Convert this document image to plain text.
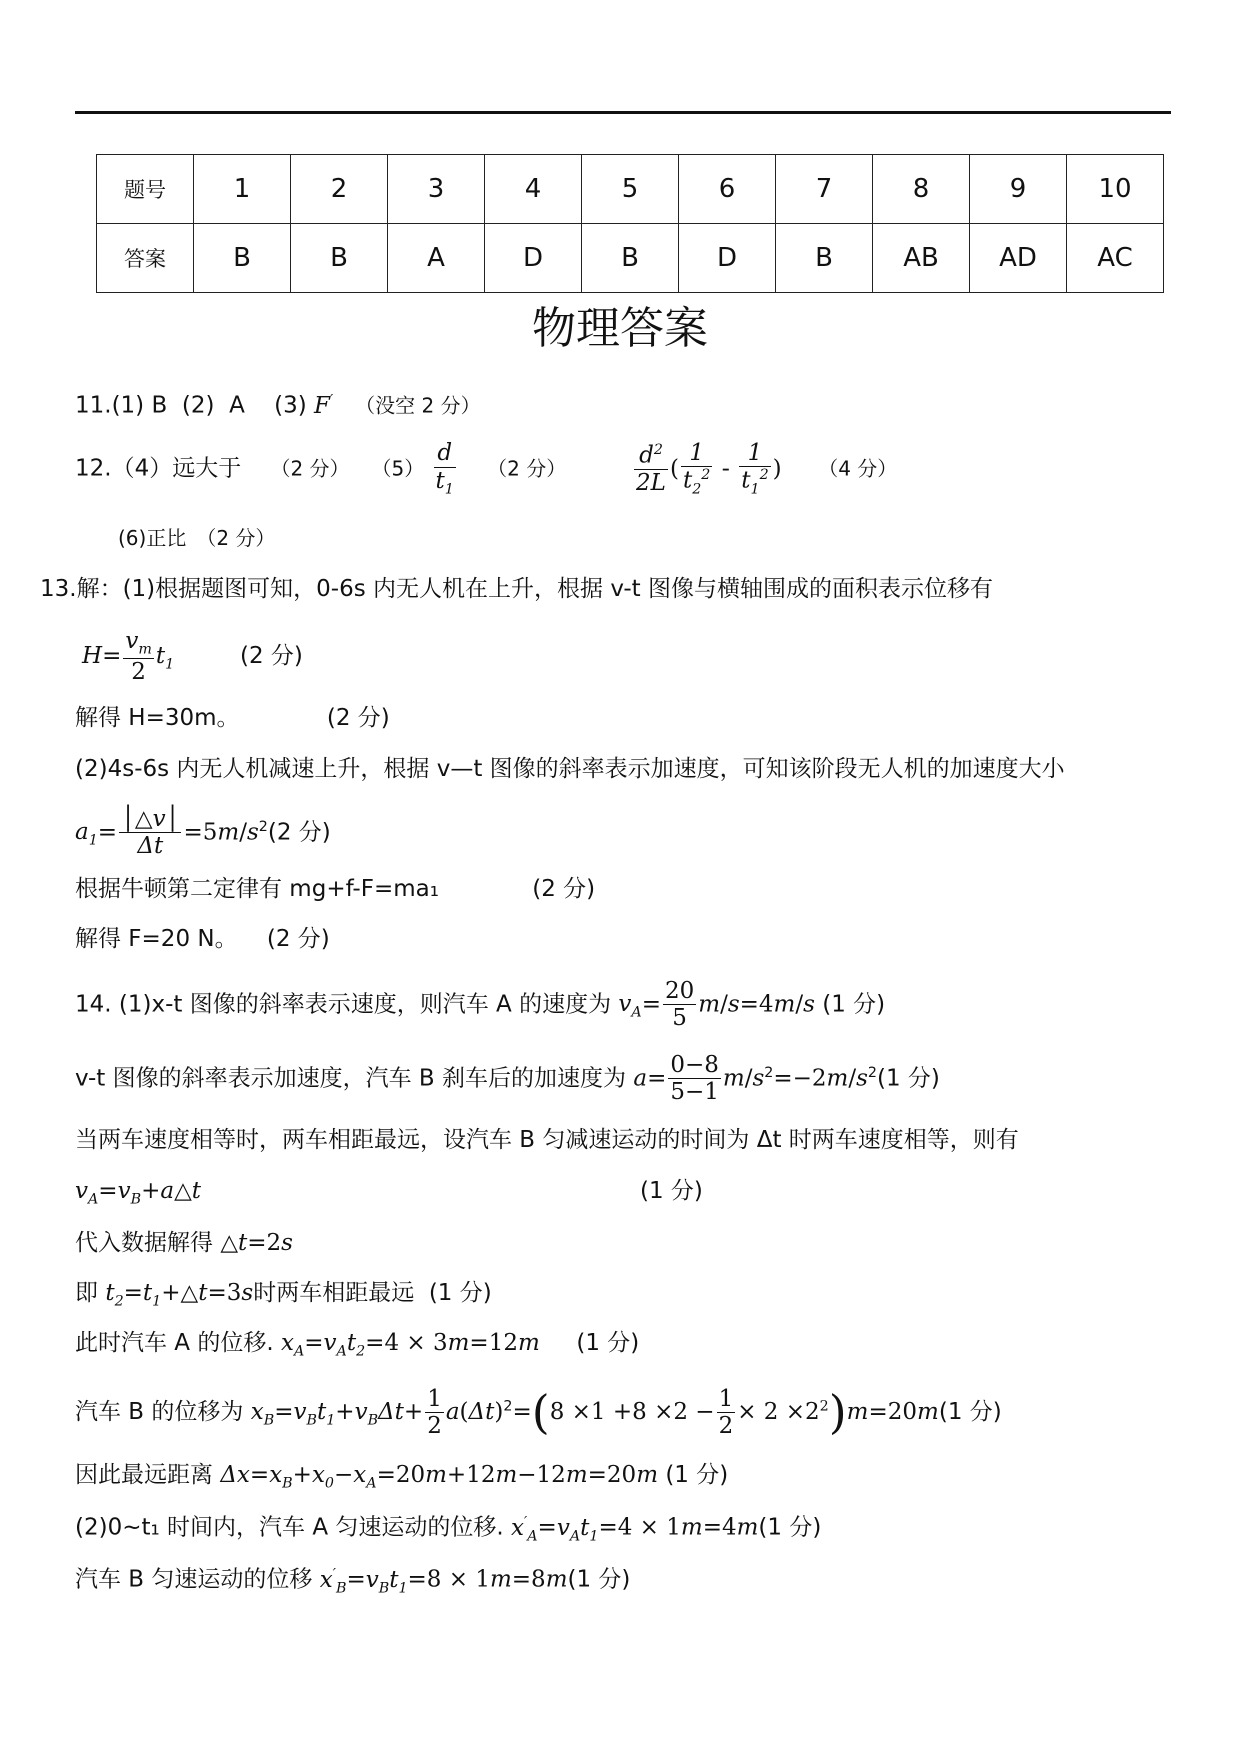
题号	1	2	3	4	5	6	7	8	9	10
答案	B	B	A	D	B	D	B	AB	AD	AC
物理答案
11.(1) B (2) A (3) F′ （没空 2 分）
12.（4）远大于 （2 分） $(5) \frac{d}{t_1} (2$ 分）	$\frac{d^2}{2L}$ ( $\frac{1}{t_2^2} - \frac{1}{t_1^2}$ ) （4 分）
(6)正比　（2 分）
13.解：(1)根据题图可知，0-6s 内无人机在上升，根据 v-t 图像与横轴围成的面积表示位移有
$H= \frac{v_m}{2} t_1$	(2 分)
解得 H=30m。	(2 分)
(2)4s-6s 内无人机减速上升，根据 v—t 图像的斜率表示加速度，可知该阶段无人机的加速度大小
$a_1= \frac{│\triangle v│}{\Delta t} =5m/s^2(2$ 分)
根据牛顿第二定律有 mg+f-F=ma₁	(2 分)
解得 F=20 N。 (2 分)
14. (1)x-t 图像的斜率表示速度，则汽车 A 的速度为 $v_A= \frac{20}{5} m/s=4m/s$ (1 分)
v-t 图像的斜率表示加速度，汽车 B 刹车后的加速度为 $a= \frac{0-8}{5-1} m/s^2=-2m/s^2(1$ 分)
当两车速度相等时，两车相距最远，设汽车 B 匀减速运动的时间为 Δt 时两车速度相等，则有
$v_A=v_B+a\triangle t$	(1 分)
代入数据解得 △t=2s
即 $t_2=t_1+\triangle t=3s$时两车相距最远 (1 分)
此时汽车 A 的位移. $x_A=v_At_2=4 \times 3m=12m$ (1 分)
汽车 B 的位移为 $x_B=v_Bt_1+v_B\Delta t+ \frac{1}{2} a(\Delta t)^2=(8 \times 1 +8 \times 2 - \frac{1}{2} \times 2 \times 2^2)m=20m(1$ 分)
因此最远距离 $\Delta x=x_B+x_0-x_A=20m+12m-12m=20m$ (1 分)
(2)0~t₁ 时间内，汽车 A 匀速运动的位移. $x'_A=v_At_1=4 \times 1m=4m(1$ 分)
汽车 B 匀速运动的位移 $x'_B=v_Bt_1=8 \times 1m=8m(1$ 分)
